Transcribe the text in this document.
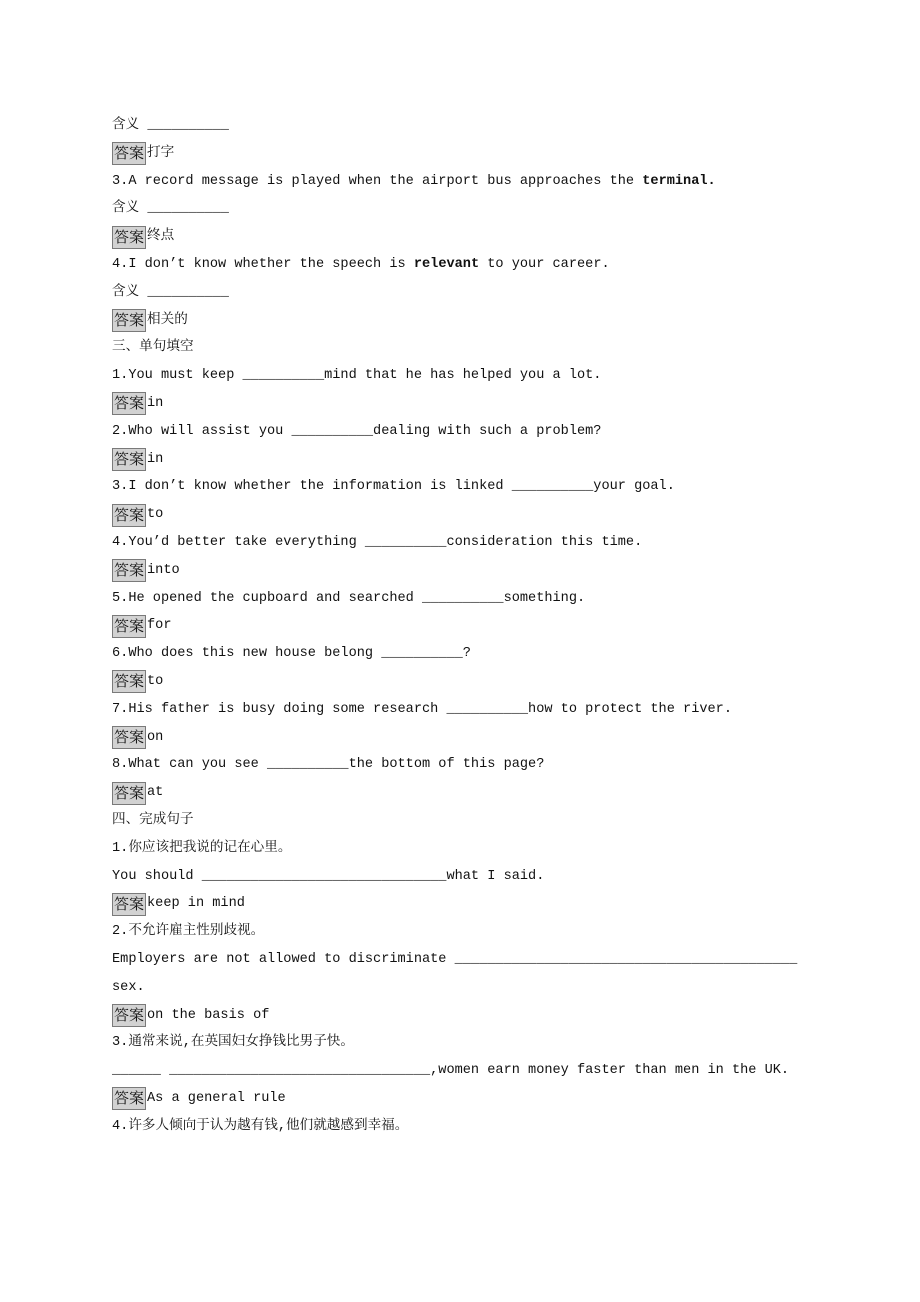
含义 __________
答案 打字
3.A record message is played when the airport bus approaches the terminal.
含义 __________
答案 终点
4.I don’t know whether the speech is relevant to your career.
含义 __________
答案 相关的
三、单句填空
1.You must keep __________mind that he has helped you a lot.
答案 in
2.Who will assist you __________dealing with such a problem?
答案 in
3.I don’t know whether the information is linked __________your goal.
答案 to
4.You’d better take everything __________consideration this time.
答案 into
5.He opened the cupboard and searched __________something.
答案 for
6.Who does this new house belong __________?
答案 to
7.His father is busy doing some research __________how to protect the river.
答案 on
8.What can you see __________the bottom of this page?
答案 at
四、完成句子
1.你应该把我说的记在心里。
You should ______________________________what I said.
答案 keep in mind
2.不允许雇主性别歧视。
Employers are not allowed to discriminate __________________________________________
sex.
答案 on the basis of
3.通常来说,在英国妇女挣钱比男子快。
______ ________________________________,women earn money faster than men in the UK.
答案 As a general rule
4.许多人倾向于认为越有钱,他们就越感到幸福。
